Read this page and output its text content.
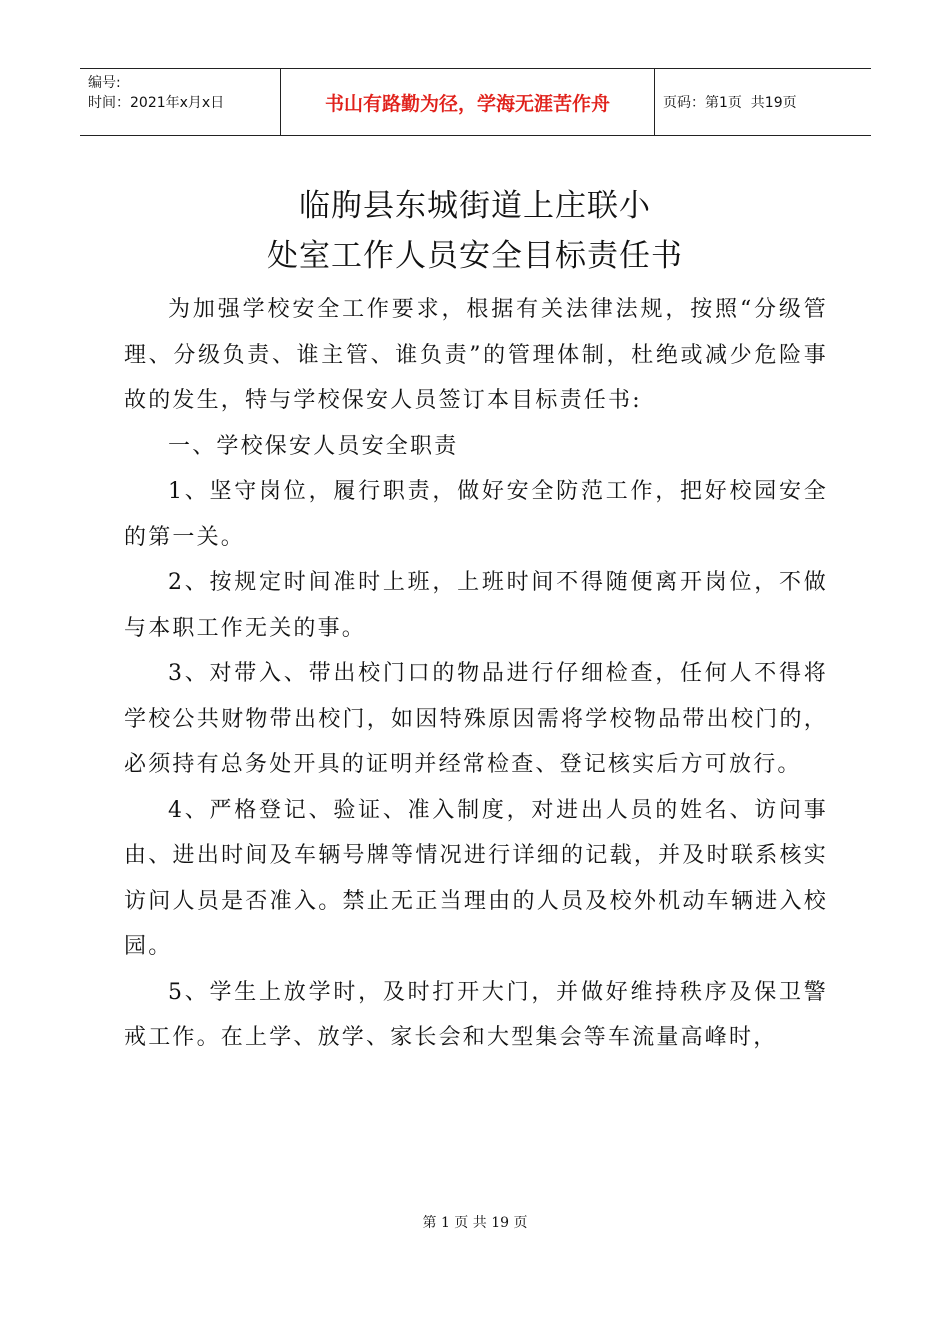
编号:
时间：2021年x月x日	书山有路勤为径，学海无涯苦作舟	页码：第1页  共19页
临朐县东城街道上庄联小
处室工作人员安全目标责任书

为加强学校安全工作要求，根据有关法律法规，按照“分级管理、分级负责、谁主管、谁负责”的管理体制，杜绝或减少危险事故的发生，特与学校保安人员签订本目标责任书:

一、学校保安人员安全职责

1、坚守岗位，履行职责，做好安全防范工作，把好校园安全的第一关。

2、按规定时间准时上班，上班时间不得随便离开岗位，不做与本职工作无关的事。

3、对带入、带出校门口的物品进行仔细检查，任何人不得将学校公共财物带出校门，如因特殊原因需将学校物品带出校门的，必须持有总务处开具的证明并经常检查、登记核实后方可放行。

4、严格登记、验证、准入制度，对进出人员的姓名、访问事由、进出时间及车辆号牌等情况进行详细的记载，并及时联系核实访问人员是否准入。禁止无正当理由的人员及校外机动车辆进入校园。

5、学生上放学时，及时打开大门，并做好维持秩序及保卫警戒工作。在上学、放学、家长会和大型集会等车流量高峰时，

第 1 页 共 19 页
